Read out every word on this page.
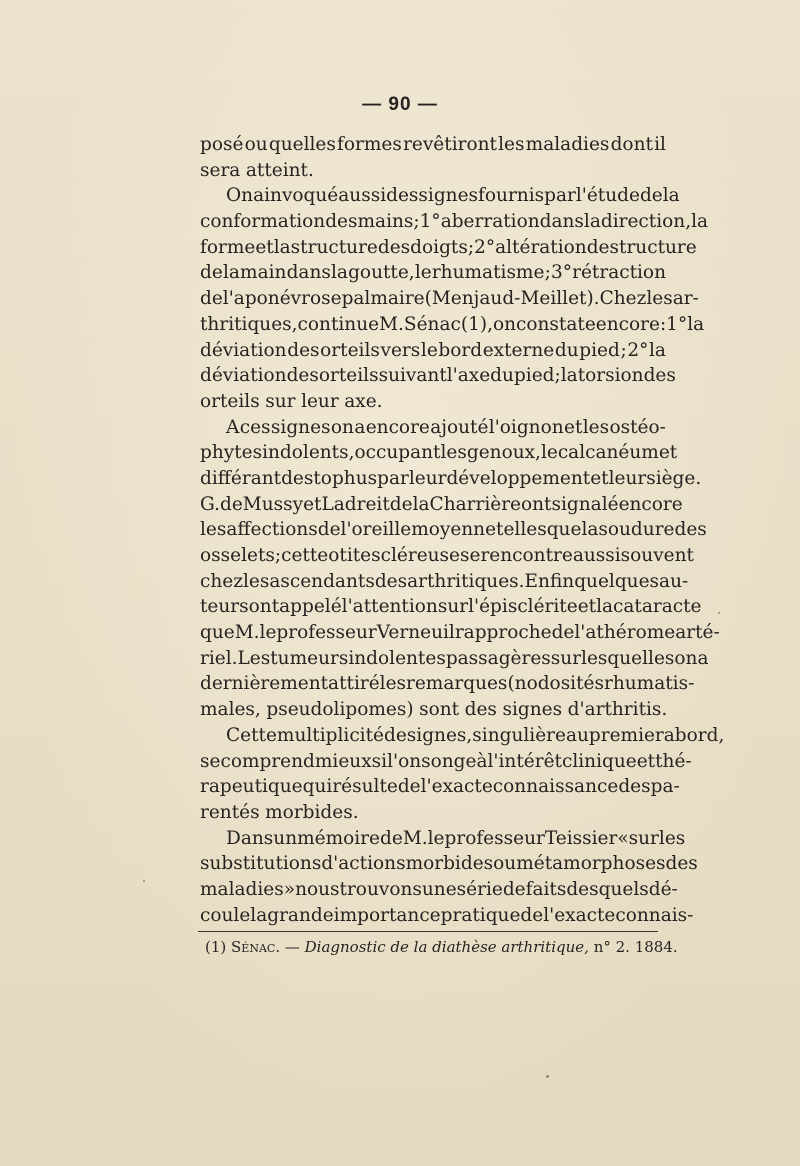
— 90 —
posé ou quelles formes revêtiront les maladies dont il
sera atteint.
On a invoqué aussi des signes fournis par l'étude de la
conformation des mains ; 1° aberration dans la direction, la
forme et la structure des doigts ; 2° altération de structure
de la main dans la goutte, le rhumatisme ; 3° rétraction
de l'aponévrose palmaire (Menjaud-Meillet). Chez les ar-
thritiques, continue M. Sénac (1), on constate encore : 1° la
déviation des orteils vers le bord externe du pied ; 2° la
déviation des orteils suivant l'axe du pied ; la torsion des
orteils sur leur axe.
A ces signes on a encore ajouté l'oignon et les ostéo-
phytes indolents, occupant les genoux, le calcanéum et
différant des tophus par leur développement et leur siège.
G. de Mussy et Ladreit de la Charrière ont signalé encore
les affections de l'oreille moyenne telles que la soudure des
osselets ; cette otite scléreuse se rencontre aussi souvent
chez les ascendants des arthritiques. Enfin quelques au-
teurs ont appelé l'attention sur l'épisclérite et la cataracte
que M. le professeur Verneuil rapproche de l'athérome arté-
riel. Les tumeurs indolentes passagères sur lesquelles on a
dernièrement attiré les remarques (nodosités rhumatis-
males, pseudolipomes) sont des signes d'arthritis.
Cette multiplicité de signes, singulière au premier abord,
se comprend mieux si l'on songe à l'intérêt clinique et thé-
rapeutique qui résulte de l'exacte connaissance des pa-
rentés morbides.
Dans un mémoire de M. le professeur Teissier « sur les
substitutions d'actions morbides ou métamorphoses des
maladies » nous trouvons une série de faits desquels dé-
coule la grande importance pratique de l'exacte connais-
(1) Sénac. — Diagnostic de la diathèse arthritique, n° 2. 1884.
